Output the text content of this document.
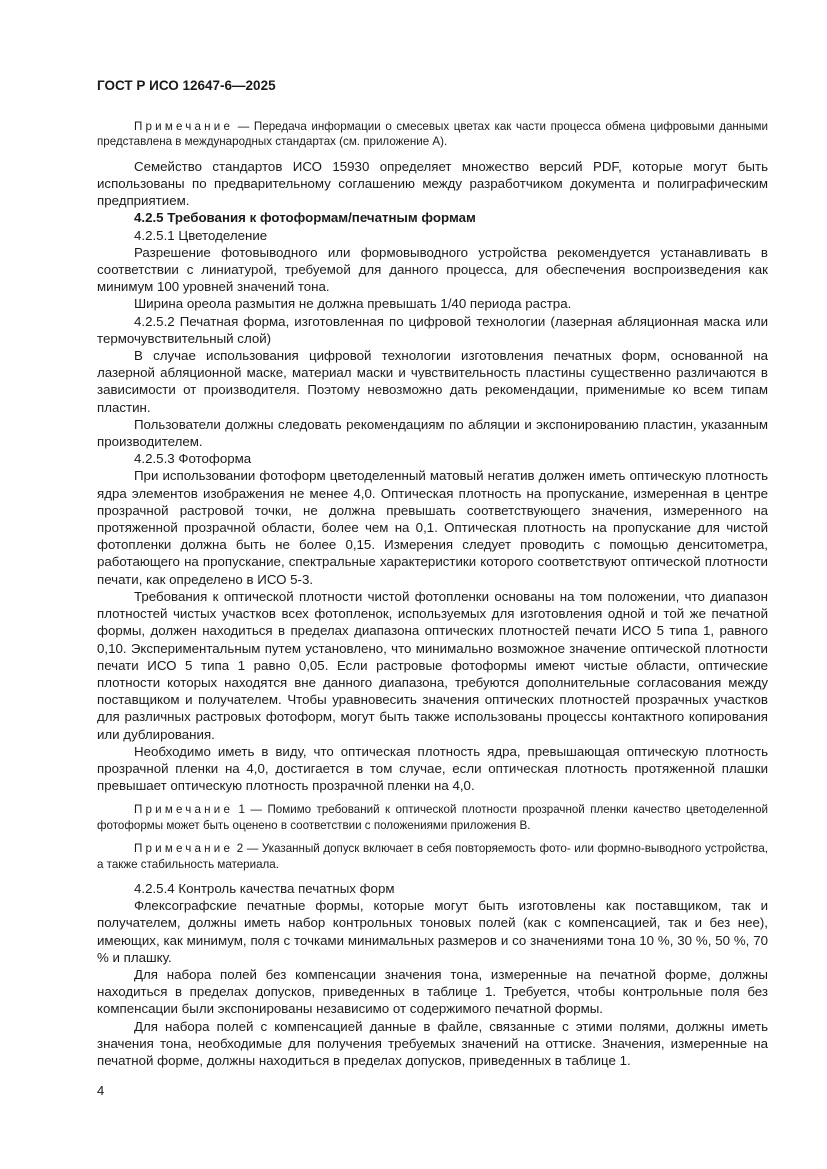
ГОСТ Р ИСО 12647-6—2025

Примечание — Передача информации о смесевых цветах как части процесса обмена цифровыми данными представлена в международных стандартах (см. приложение А).

Семейство стандартов ИСО 15930 определяет множество версий PDF, которые могут быть использованы по предварительному соглашению между разработчиком документа и полиграфическим предприятием.

4.2.5 Требования к фотоформам/печатным формам

4.2.5.1 Цветоделение

Разрешение фотовыводного или формовыводного устройства рекомендуется устанавливать в соответствии с линиатурой, требуемой для данного процесса, для обеспечения воспроизведения как минимум 100 уровней значений тона.

Ширина ореола размытия не должна превышать 1/40 периода растра.

4.2.5.2 Печатная форма, изготовленная по цифровой технологии (лазерная абляционная маска или термочувствительный слой)

В случае использования цифровой технологии изготовления печатных форм, основанной на лазерной абляционной маске, материал маски и чувствительность пластины существенно различаются в зависимости от производителя. Поэтому невозможно дать рекомендации, применимые ко всем типам пластин.

Пользователи должны следовать рекомендациям по абляции и экспонированию пластин, указанным производителем.

4.2.5.3 Фотоформа

При использовании фотоформ цветоделенный матовый негатив должен иметь оптическую плотность ядра элементов изображения не менее 4,0. Оптическая плотность на пропускание, измеренная в центре прозрачной растровой точки, не должна превышать соответствующего значения, измеренного на протяженной прозрачной области, более чем на 0,1. Оптическая плотность на пропускание для чистой фотопленки должна быть не более 0,15. Измерения следует проводить с помощью денситометра, работающего на пропускание, спектральные характеристики которого соответствуют оптической плотности печати, как определено в ИСО 5-3.

Требования к оптической плотности чистой фотопленки основаны на том положении, что диапазон плотностей чистых участков всех фотопленок, используемых для изготовления одной и той же печатной формы, должен находиться в пределах диапазона оптических плотностей печати ИСО 5 типа 1, равного 0,10. Экспериментальным путем установлено, что минимально возможное значение оптической плотности печати ИСО 5 типа 1 равно 0,05. Если растровые фотоформы имеют чистые области, оптические плотности которых находятся вне данного диапазона, требуются дополнительные согласования между поставщиком и получателем. Чтобы уравновесить значения оптических плотностей прозрачных участков для различных растровых фотоформ, могут быть также использованы процессы контактного копирования или дублирования.

Необходимо иметь в виду, что оптическая плотность ядра, превышающая оптическую плотность прозрачной пленки на 4,0, достигается в том случае, если оптическая плотность протяженной плашки превышает оптическую плотность прозрачной пленки на 4,0.

Примечание 1 — Помимо требований к оптической плотности прозрачной пленки качество цветоделенной фотоформы может быть оценено в соответствии с положениями приложения В.

Примечание 2 — Указанный допуск включает в себя повторяемость фото- или формно-выводного устройства, а также стабильность материала.

4.2.5.4 Контроль качества печатных форм

Флексографские печатные формы, которые могут быть изготовлены как поставщиком, так и получателем, должны иметь набор контрольных тоновых полей (как с компенсацией, так и без нее), имеющих, как минимум, поля с точками минимальных размеров и со значениями тона 10 %, 30 %, 50 %, 70 % и плашку.

Для набора полей без компенсации значения тона, измеренные на печатной форме, должны находиться в пределах допусков, приведенных в таблице 1. Требуется, чтобы контрольные поля без компенсации были экспонированы независимо от содержимого печатной формы.

Для набора полей с компенсацией данные в файле, связанные с этими полями, должны иметь значения тона, необходимые для получения требуемых значений на оттиске. Значения, измеренные на печатной форме, должны находиться в пределах допусков, приведенных в таблице 1.

4
